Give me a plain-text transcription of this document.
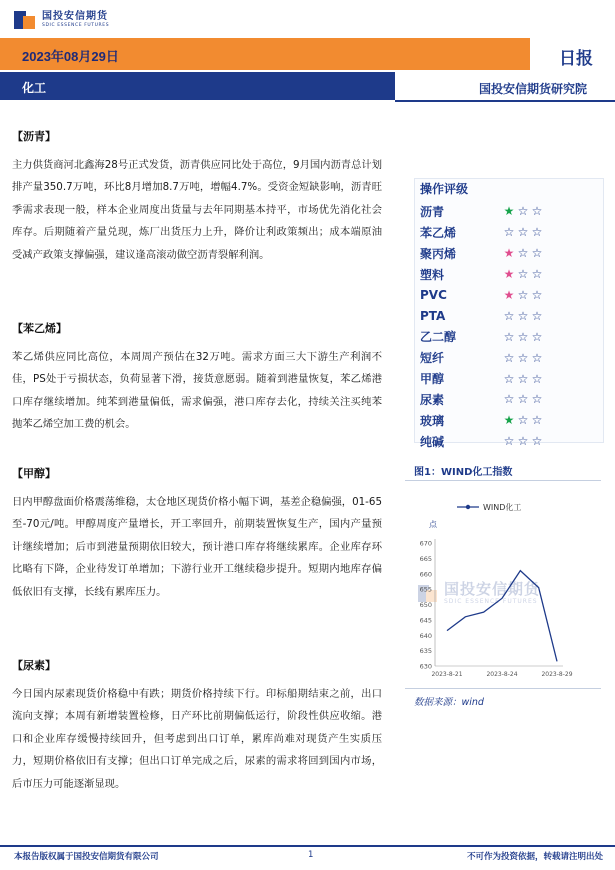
国投安信期货
SDIC ESSENCE FUTURES
2023年08月29日	日报
化工	国投安信期货研究院
【沥青】
主力供货商河北鑫海28号正式发货，沥青供应同比处于高位，9月国内沥青总计划排产量350.7万吨，环比8月增加8.7万吨，增幅4.7%。受资金短缺影响，沥青旺季需求表现一般，样本企业周度出货量与去年同期基本持平，市场优先消化社会库存。后期随着产量兑现，炼厂出货压力上升，降价让利政策频出；成本端原油受减产政策支撑偏强，建议逢高滚动做空沥青裂解利润。
【苯乙烯】
苯乙烯供应同比高位，本周周产预估在32万吨。需求方面三大下游生产利润不佳，PS处于亏损状态，负荷显著下滑，接货意愿弱。随着到港量恢复，苯乙烯港口库存继续增加。纯苯到港量偏低，需求偏强，港口库存去化，持续关注买纯苯抛苯乙烯空加工费的机会。
【甲醇】
日内甲醇盘面价格震荡维稳，太仓地区现货价格小幅下调，基差企稳偏强，01-65至-70元/吨。甲醇周度产量增长，开工率回升，前期装置恢复生产，国内产量预计继续增加；后市到港量预期依旧较大，预计港口库存将继续累库。企业库存环比略有下降，企业待发订单增加；下游行业开工继续稳步提升。短期内地库存偏低依旧有支撑，长线有累库压力。
【尿素】
今日国内尿素现货价格稳中有跌；期货价格持续下行。印标船期结束之前，出口流向支撑；本周有新增装置检修，日产环比前期偏低运行，阶段性供应收缩。港口和企业库存缓慢持续回升，但考虑到出口订单，累库尚难对现货产生实质压力，短期价格依旧有支撑；但出口订单完成之后，尿素的需求将回到国内市场，后市压力可能逐渐显现。
操作评级
沥青	★ ☆ ☆
苯乙烯	☆ ☆ ☆
聚丙烯	★ ☆ ☆
塑料	★ ☆ ☆
PVC	★ ☆ ☆
PTA	☆ ☆ ☆
乙二醇	☆ ☆ ☆
短纤	☆ ☆ ☆
甲醇	☆ ☆ ☆
尿素	☆ ☆ ☆
玻璃	★ ☆ ☆
纯碱	☆ ☆ ☆
图1：WIND化工指数
国投安信期货
SDIC ESSENCE FUTURES
点
WIND化工
630
635
640
645
650
655
660
665
670
2023-8-21	2023-8-24	2023-8-29
数据来源：wind
本报告版权属于国投安信期货有限公司	1	不可作为投资依据，转载请注明出处
